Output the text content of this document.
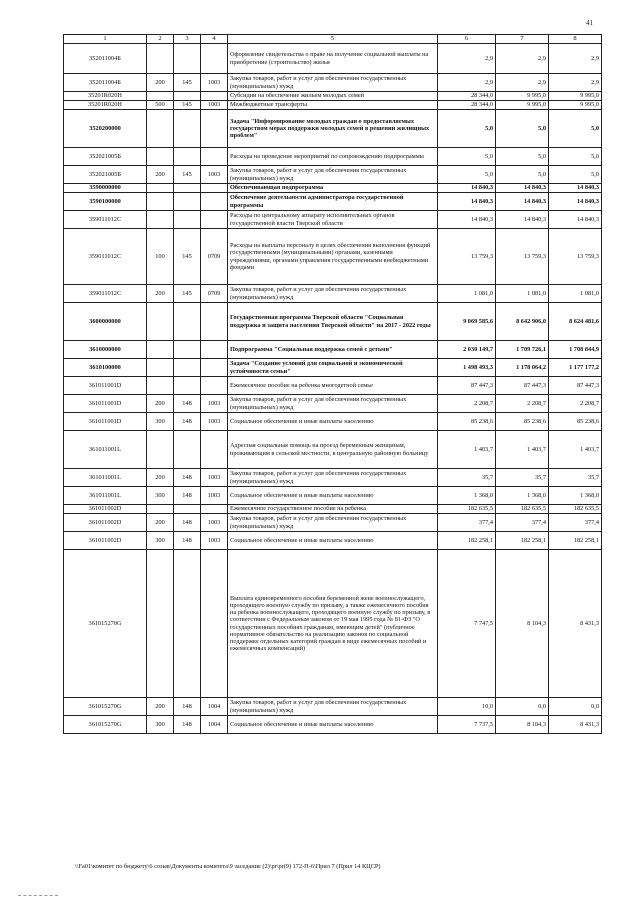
41
1	2	3	4	5	6	7	8
352011004Б				Оформление свидетельства о праве на получение социальной выплаты на приобретение (строительство) жилья	2,9	2,9	2,9
352011004Б	200	145	1003	Закупка товаров, работ и услуг для обеспечения государственных (муниципальных) нужд	2,9	2,9	2,9
35201R020H				Субсидии на обеспечение жильем молодых семей	28 344,0	9 995,0	9 995,0
35201R020H	500	145	1003	Межбюджетные трансферты	28 344,0	9 995,0	9 995,0
3520200000				Задача "Информирование молодых граждан о предоставляемых государством мерах поддержки молодых семей в решении жилищных проблем"	5,0	5,0	5,0
352021005Б				Расходы на проведение мероприятий по сопровождению подпрограммы	5,0	5,0	5,0
352021005Б	200	145	1003	Закупка товаров, работ и услуг для обеспечения государственных (муниципальных) нужд	5,0	5,0	5,0
3590000000				Обеспечивающая подпрограмма	14 840,3	14 840,3	14 840,3
3590100000				Обеспечение деятельности администратора государственной программы	14 840,3	14 840,3	14 840,3
359011012С				Расходы по центральному аппарату исполнительных органов государственной власти Тверской области	14 840,3	14 840,3	14 840,3
359011012С	100	145	0709	Расходы на выплаты персоналу в целях обеспечения выполнения функций государственными (муниципальными) органами, казенными учреждениями, органами управления государственными внебюджетными фондами	13 759,3	13 759,3	13 759,3
359011012С	200	145	0709	Закупка товаров, работ и услуг для обеспечения государственных (муниципальных) нужд	1 081,0	1 081,0	1 081,0
3600000000				Государственная программа Тверской области "Социальная поддержка и защита населения Тверской области" на 2017 - 2022 годы	9 069 585,6	8 642 906,0	8 624 481,6
3610000000				Подпрограмма "Социальная поддержка семей с детьми"	2 030 149,7	1 709 726,1	1 708 844,9
3610100000				Задача "Создание условий для социальной и экономической устойчивости семьи"	1 498 493,3	1 178 064,2	1 177 177,2
361011001D				Ежемесячное пособие на ребенка многодетной семье	87 447,3	87 447,3	87 447,3
361011001D	200	148	1003	Закупка товаров, работ и услуг для обеспечения государственных (муниципальных) нужд	2 208,7	2 208,7	2 208,7
361011001D	300	148	1003	Социальное обеспечение и иные выплаты населению	85 238,6	85 238,6	85 238,6
361011001L				Адресная социальная помощь на проезд беременным женщинам, проживающим в сельской местности, в центральную районную больницу	1 403,7	1 403,7	1 403,7
361011001L	200	148	1003	Закупка товаров, работ и услуг для обеспечения государственных (муниципальных) нужд	35,7	35,7	35,7
361011001L	300	148	1003	Социальное обеспечение и иные выплаты населению	1 368,0	1 368,0	1 368,0
361011002D				Ежемесячное государственное пособие на ребенка	182 635,5	182 635,5	182 635,5
361011002D	200	148	1003	Закупка товаров, работ и услуг для обеспечения государственных (муниципальных) нужд	377,4	377,4	377,4
361011002D	300	148	1003	Социальное обеспечение и иные выплаты населению	182 258,1	182 258,1	182 258,1
361015270G				Выплата единовременного пособия беременной жене военнослужащего, проходящего военную службу по призыву, а также ежемесячного пособия на ребенка военнослужащего, проходящего военную службу по призыву, в соответствии с Федеральным законом от 19 мая 1995 года № 81-ФЗ "О государственных пособиях гражданам, имеющим детей" (публичное нормативное обязательство на реализацию законов по социальной поддержке отдельных категорий граждан в виде ежемесячных пособий и ежемесячных компенсаций)	7 747,5	8 104,3	8 431,3
361015270G	200	148	1004	Закупка товаров, работ и услуг для обеспечения государственных (муниципальных) нужд	10,0	0,0	0,0
361015270G	300	148	1004	Социальное обеспечение и иные выплаты населению	7 737,5	8 104,3	8 431,3
\\Fa01\комитет по бюджету\6 созыв\Документы комитета\9 заседание (2)\pr\pr(9) 172-П-6\Прил 7 (Прил 14 КЦСР)
